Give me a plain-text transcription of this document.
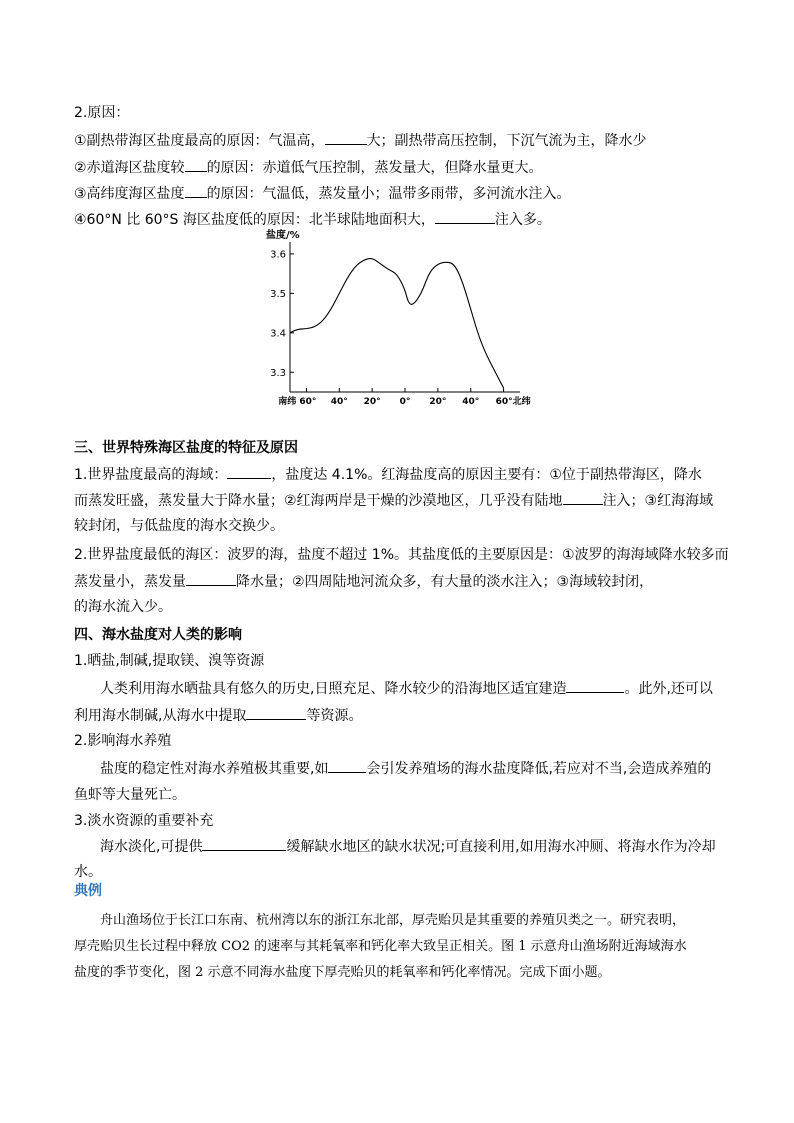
2.原因：
①副热带海区盐度最高的原因：气温高，	大；副热带高压控制，下沉气流为主，降水少
②赤道海区盐度较 的原因：赤道低气压控制，蒸发量大，但降水量更大。
③高纬度海区盐度 的原因：气温低，蒸发量小；温带多雨带，多河流水注入。
④60°N 比 60°S 海区盐度低的原因：北半球陆地面积大，	注入多。
盐度/%
3.6
3.5
3.4
3.3
南纬 60° 40° 20° 0° 20° 40° 60°北纬
三、世界特殊海区盐度的特征及原因
1.世界盐度最高的海域：	，盐度达 4.1%。红海盐度高的原因主要有：①位于副热带海区，降水
而蒸发旺盛，蒸发量大于降水量；②红海两岸是干燥的沙漠地区，几乎没有陆地	注入；③红海海域
较封闭，与低盐度的海水交换少。
2.世界盐度最低的海区：波罗的海，盐度不超过 1%。其盐度低的主要原因是：①波罗的海海域降水较多而
蒸发量小，蒸发量	降水量；②四周陆地河流众多，有大量的淡水注入；③海域较封闭，
的海水流入少。
四、海水盐度对人类的影响
1.晒盐,制碱,提取镁、溴等资源
人类利用海水晒盐具有悠久的历史,日照充足、降水较少的沿海地区适宜建造	。此外,还可以
利用海水制碱,从海水中提取	等资源。
2.影响海水养殖
盐度的稳定性对海水养殖极其重要,如	会引发养殖场的海水盐度降低,若应对不当,会造成养殖的
鱼虾等大量死亡。
3.淡水资源的重要补充
海水淡化,可提供	缓解缺水地区的缺水状况;可直接利用,如用海水冲厕、将海水作为冷却
水。
典例
舟山渔场位于长江口东南、杭州湾以东的浙江东北部，厚壳贻贝是其重要的养殖贝类之一。研究表明，
厚壳贻贝生长过程中释放 CO2 的速率与其耗氧率和钙化率大致呈正相关。图 1 示意舟山渔场附近海域海水
盐度的季节变化，图 2 示意不同海水盐度下厚壳贻贝的耗氧率和钙化率情况。完成下面小题。
